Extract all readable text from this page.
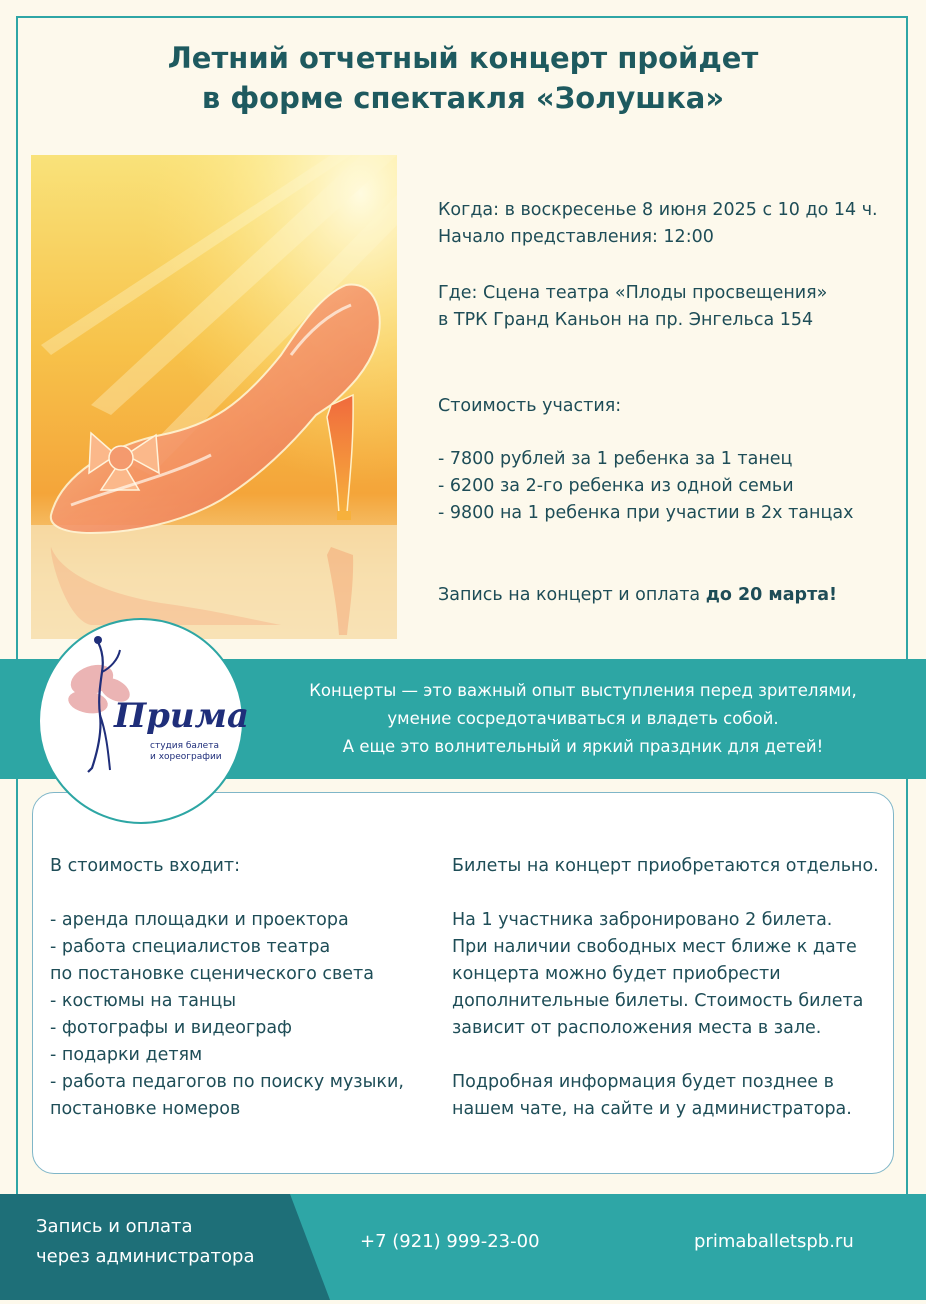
Летний отчетный концерт пройдет
в форме спектакля «Золушка»
Когда: в воскресенье 8 июня 2025 с 10 до 14 ч.
Начало представления: 12:00
Где: Сцена театра «Плоды просвещения»
в ТРК Гранд Каньон на пр. Энгельса 154
Стоимость участия:
- 7800 рублей за 1 ребенка за 1 танец
- 6200 за 2-го ребенка из одной семьи
- 9800 на 1 ребенка при участии в 2х танцах
Запись на концерт и оплата до 20 марта!
Концерты — это важный опыт выступления перед зрителями,
умение сосредотачиваться и владеть собой.
А еще это волнительный и яркий праздник для детей!
Прима
студия балета
и хореографии
В стоимость входит:
- аренда площадки и проектора
- работа специалистов театра
по постановке сценического света
- костюмы на танцы
- фотографы и видеограф
- подарки детям
- работа педагогов по поиску музыки,
постановке номеров
Билеты на концерт приобретаются отдельно.
На 1 участника забронировано 2 билета.
При наличии свободных мест ближе к дате
концерта можно будет приобрести
дополнительные билеты. Стоимость билета
зависит от расположения места в зале.
Подробная информация будет позднее в
нашем чате, на сайте и у администратора.
Запись и оплата
через администратора
+7 (921) 999-23-00	primaballetspb.ru
